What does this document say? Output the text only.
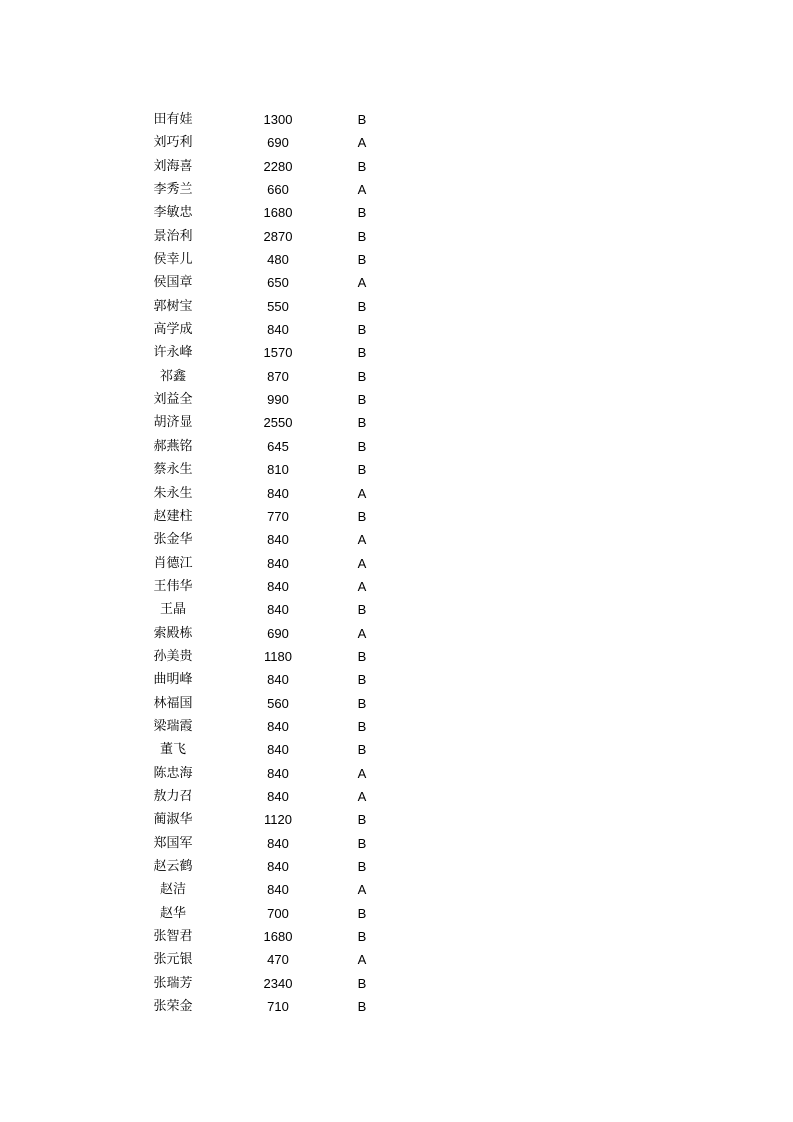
田有娃	1300	B
刘巧利	690	A
刘海喜	2280	B
李秀兰	660	A
李敏忠	1680	B
景治利	2870	B
侯幸儿	480	B
侯国章	650	A
郭树宝	550	B
高学成	840	B
许永峰	1570	B
祁鑫	870	B
刘益全	990	B
胡济显	2550	B
郝燕铭	645	B
蔡永生	810	B
朱永生	840	A
赵建柱	770	B
张金华	840	A
肖德江	840	A
王伟华	840	A
王晶	840	B
索殿栋	690	A
孙美贵	1180	B
曲明峰	840	B
林福国	560	B
梁瑞霞	840	B
董飞	840	B
陈忠海	840	A
敖力召	840	A
蔺淑华	1120	B
郑国军	840	B
赵云鹤	840	B
赵洁	840	A
赵华	700	B
张智君	1680	B
张元银	470	A
张瑞芳	2340	B
张荣金	710	B
